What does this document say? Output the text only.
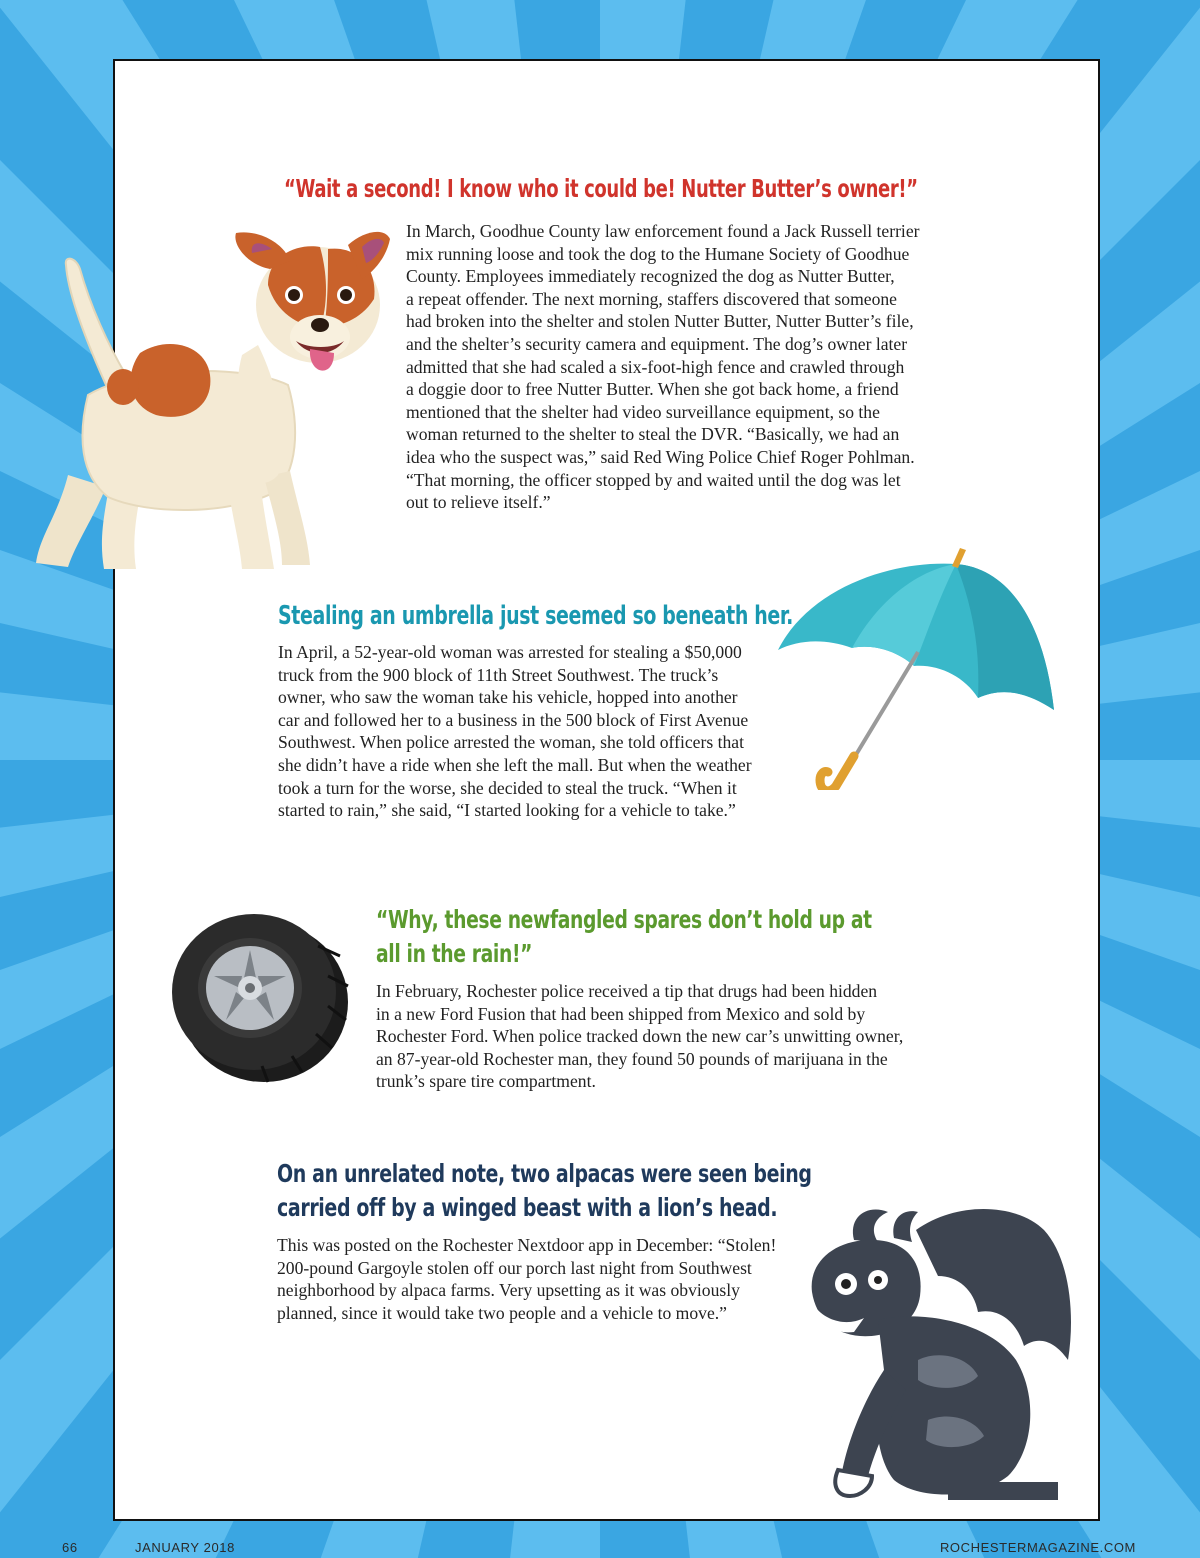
“Wait a second! I know who it could be! Nutter Butter’s owner!”

In March, Goodhue County law enforcement found a Jack Russell terrier
mix running loose and took the dog to the Humane Society of Goodhue
County. Employees immediately recognized the dog as Nutter Butter,
a repeat offender. The next morning, staffers discovered that someone
had broken into the shelter and stolen Nutter Butter, Nutter Butter’s file,
and the shelter’s security camera and equipment. The dog’s owner later
admitted that she had scaled a six-foot-high fence and crawled through
a doggie door to free Nutter Butter. When she got back home, a friend
mentioned that the shelter had video surveillance equipment, so the
woman returned to the shelter to steal the DVR. “Basically, we had an
idea who the suspect was,” said Red Wing Police Chief Roger Pohlman.
“That morning, the officer stopped by and waited until the dog was let
out to relieve itself.”

Stealing an umbrella just seemed so beneath her.

In April, a 52-year-old woman was arrested for stealing a $50,000
truck from the 900 block of 11th Street Southwest. The truck’s
owner, who saw the woman take his vehicle, hopped into another
car and followed her to a business in the 500 block of First Avenue
Southwest. When police arrested the woman, she told officers that
she didn’t have a ride when she left the mall. But when the weather
took a turn for the worse, she decided to steal the truck. “When it
started to rain,” she said, “I started looking for a vehicle to take.”

“Why, these newfangled spares don’t hold up at
all in the rain!”

In February, Rochester police received a tip that drugs had been hidden
in a new Ford Fusion that had been shipped from Mexico and sold by
Rochester Ford. When police tracked down the new car’s unwitting owner,
an 87-year-old Rochester man, they found 50 pounds of marijuana in the
trunk’s spare tire compartment.

On an unrelated note, two alpacas were seen being
carried off by a winged beast with a lion’s head.

This was posted on the Rochester Nextdoor app in December: “Stolen!
200-pound Gargoyle stolen off our porch last night from Southwest
neighborhood by alpaca farms. Very upsetting as it was obviously
planned, since it would take two people and a vehicle to move.”

66	JANUARY 2018	ROCHESTERMAGAZINE.COM
